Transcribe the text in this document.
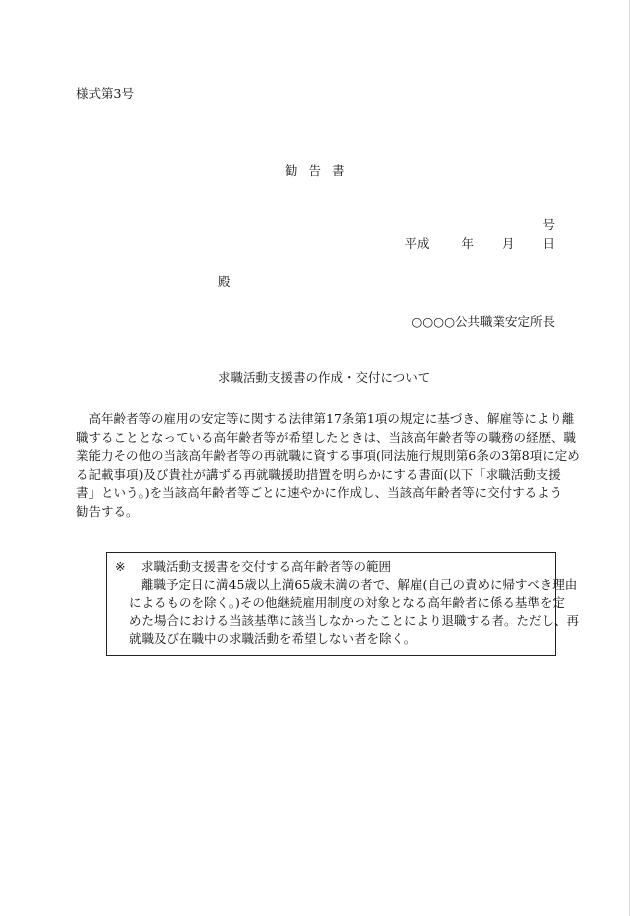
様式第3号
勧告書
号
平成	年 月 日
殿
○○○○公共職業安定所長
求職活動支援書の作成・交付について
　高年齢者等の雇用の安定等に関する法律第17条第1項の規定に基づき、解雇等により離
職することとなっている高年齢者等が希望したときは、当該高年齢者等の職務の経歴、職
業能力その他の当該高年齢者等の再就職に資する事項(同法施行規則第6条の3第8項に定め
る記載事項)及び貴社が講ずる再就職援助措置を明らかにする書面(以下「求職活動支援
書」という。)を当該高年齢者等ごとに速やかに作成し、当該高年齢者等に交付するよう
勧告する。
※ 求職活動支援書を交付する高年齢者等の範囲
離職予定日に満45歳以上満65歳未満の者で、解雇(自己の責めに帰すべき理由
によるものを除く。)その他継続雇用制度の対象となる高年齢者に係る基準を定
めた場合における当該基準に該当しなかったことにより退職する者。ただし、再
就職及び在職中の求職活動を希望しない者を除く。
